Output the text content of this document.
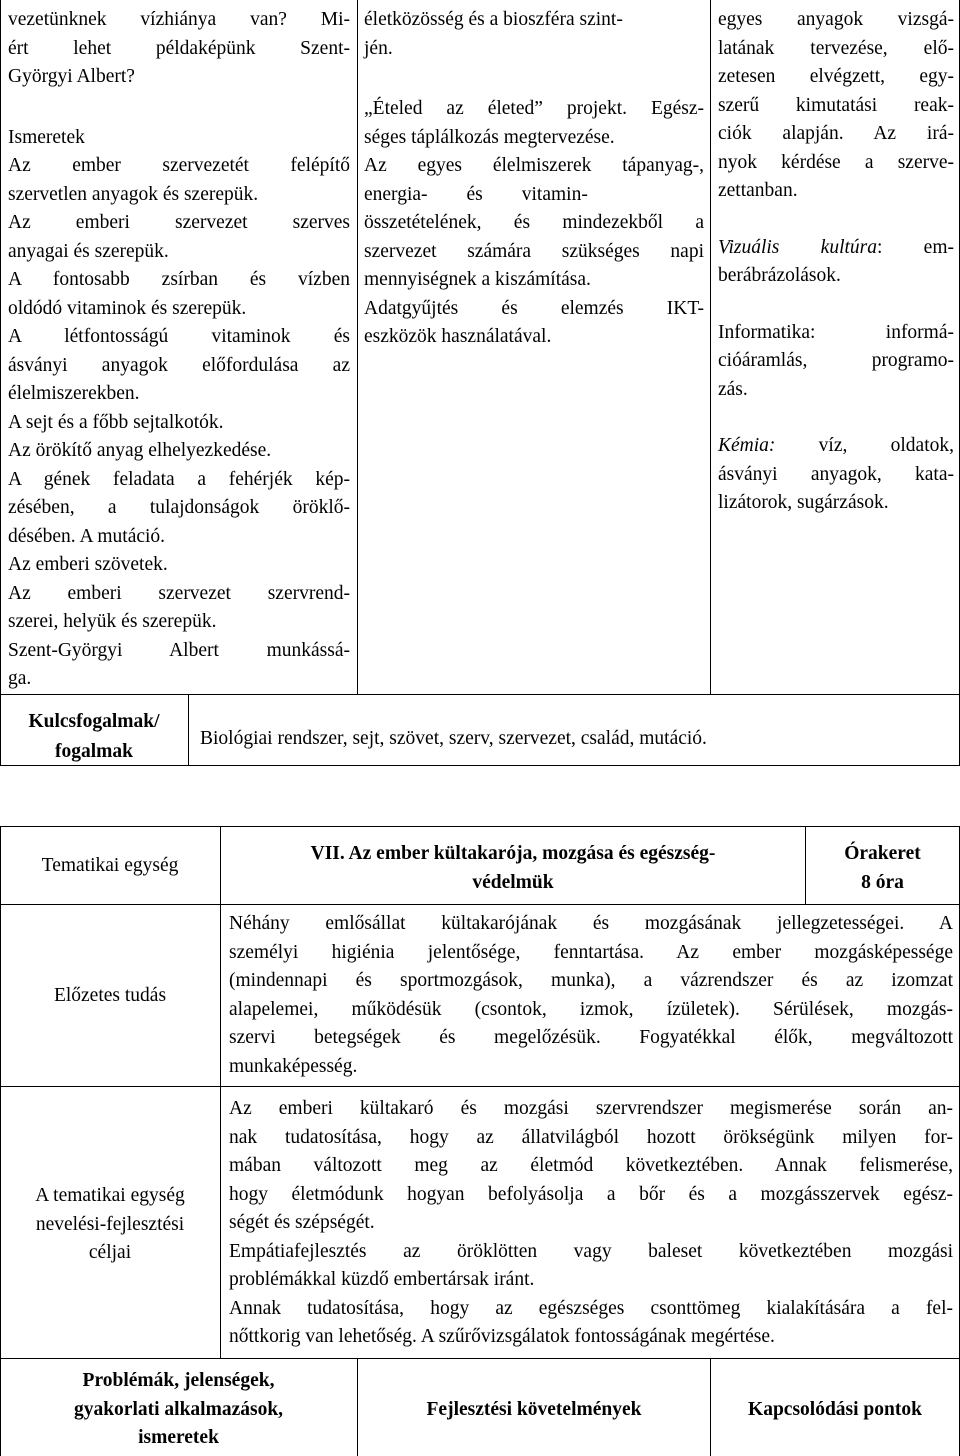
vezetünknek vízhiánya van? Mi-
ért lehet példaképünk Szent-
Györgyi Albert?
Ismeretek
Az ember szervezetét felépítő
szervetlen anyagok és szerepük.
Az emberi szervezet szerves
anyagai és szerepük.
A fontosabb zsírban és vízben
oldódó vitaminok és szerepük.
A létfontosságú vitaminok és
ásványi anyagok előfordulása az
élelmiszerekben.
A sejt és a főbb sejtalkotók.
Az örökítő anyag elhelyezkedése.
A gének feladata a fehérjék kép-
zésében, a tulajdonságok öröklő-
désében. A mutáció.
Az emberi szövetek.
Az emberi szervezet szervrend-
szerei, helyük és szerepük.
Szent-Györgyi Albert munkássá-
ga.
életközösség és a bioszféra szint-
jén.
„Ételed az életed” projekt. Egész-
séges táplálkozás megtervezése.
Az egyes élelmiszerek tápanyag-,
energia-        és        vitamin-
összetételének, és mindezekből a
szervezet számára szükséges napi
mennyiségnek a kiszámítása.
Adatgyűjtés és elemzés IKT-
eszközök használatával.
egyes anyagok vizsgá-
latának tervezése, elő-
zetesen elvégzett, egy-
szerű kimutatási reak-
ciók alapján. Az irá-
nyok kérdése a szerve-
zettanban.
Vizuális kultúra: em-
berábrázolások.
Informatika: informá-
cióáramlás, programo-
zás.
Kémia: víz, oldatok,
ásványi anyagok, kata-
lizátorok, sugárzások.
Kulcsfogalmak/
fogalmak
Biológiai rendszer, sejt, szövet, szerv, szervezet, család, mutáció.
Tematikai egység
VII. Az ember kültakarója, mozgása és egészség-
védelmük
Órakeret
8 óra
Előzetes tudás
Néhány emlősállat kültakarójának és mozgásának jellegzetességei. A
személyi higiénia jelentősége, fenntartása. Az ember mozgásképessége
(mindennapi és sportmozgások, munka), a vázrendszer és az izomzat
alapelemei, működésük (csontok, izmok, ízületek). Sérülések, mozgás-
szervi betegségek és megelőzésük. Fogyatékkal élők, megváltozott
munkaképesség.
A tematikai egység
nevelési-fejlesztési
céljai
Az emberi kültakaró és mozgási szervrendszer megismerése során an-
nak tudatosítása, hogy az állatvilágból hozott örökségünk milyen for-
mában változott meg az életmód következtében. Annak felismerése,
hogy életmódunk hogyan befolyásolja a bőr és a mozgásszervek egész-
ségét és szépségét.
Empátiafejlesztés az öröklötten vagy baleset következtében mozgási
problémákkal küzdő embertársak iránt.
Annak tudatosítása, hogy az egészséges csonttömeg kialakítására a fel-
nőttkorig van lehetőség. A szűrővizsgálatok fontosságának megértése.
Problémák, jelenségek,
gyakorlati alkalmazások,
ismeretek
Fejlesztési követelmények	Kapcsolódási pontok
